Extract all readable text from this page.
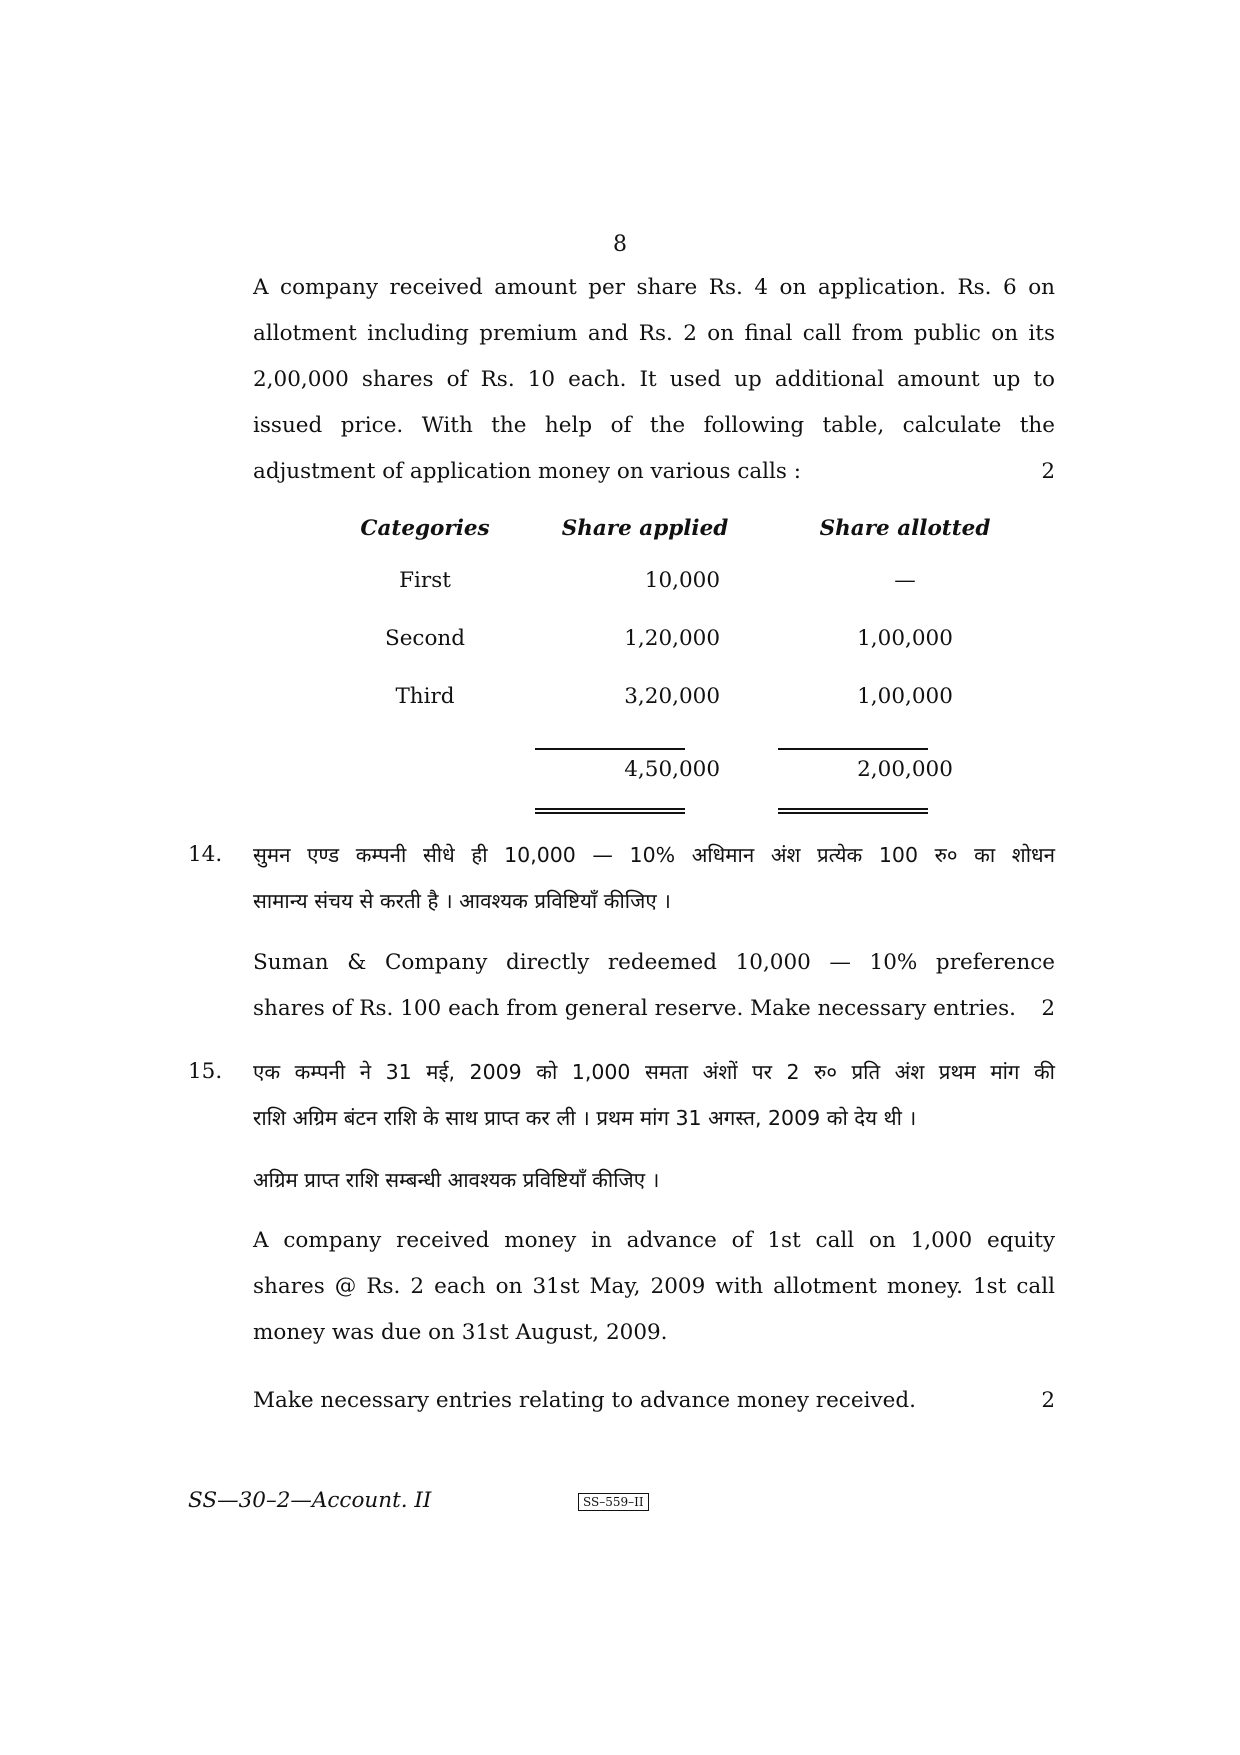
8
A company received amount per share Rs. 4 on application. Rs. 6 on
allotment including premium and Rs. 2 on final call from public on its
2,00,000 shares of Rs. 10 each. It used up additional amount up to
issued price. With the help of the following table, calculate the
adjustment of application money on various calls :	2
Categories	Share applied	Share allotted
First	10,000	—
Second	1,20,000	1,00,000
Third	3,20,000	1,00,000
	4,50,000	2,00,000
14. सुमन एण्ड कम्पनी सीधे ही 10,000 — 10% अधिमान अंश प्रत्येक 100 रु० का शोधन
सामान्य संचय से करती है । आवश्यक प्रविष्टियाँ कीजिए ।
Suman & Company directly redeemed 10,000 — 10% preference
shares of Rs. 100 each from general reserve. Make necessary entries. 2
15. एक कम्पनी ने 31 मई, 2009 को 1,000 समता अंशों पर 2 रु० प्रति अंश प्रथम मांग की
राशि अग्रिम बंटन राशि के साथ प्राप्त कर ली । प्रथम मांग 31 अगस्त, 2009 को देय थी ।
अग्रिम प्राप्त राशि सम्बन्धी आवश्यक प्रविष्टियाँ कीजिए ।
A company received money in advance of 1st call on 1,000 equity
shares @ Rs. 2 each on 31st May, 2009 with allotment money. 1st call
money was due on 31st August, 2009.
Make necessary entries relating to advance money received.	2
SS—30–2—Account. II	SS–559–II
